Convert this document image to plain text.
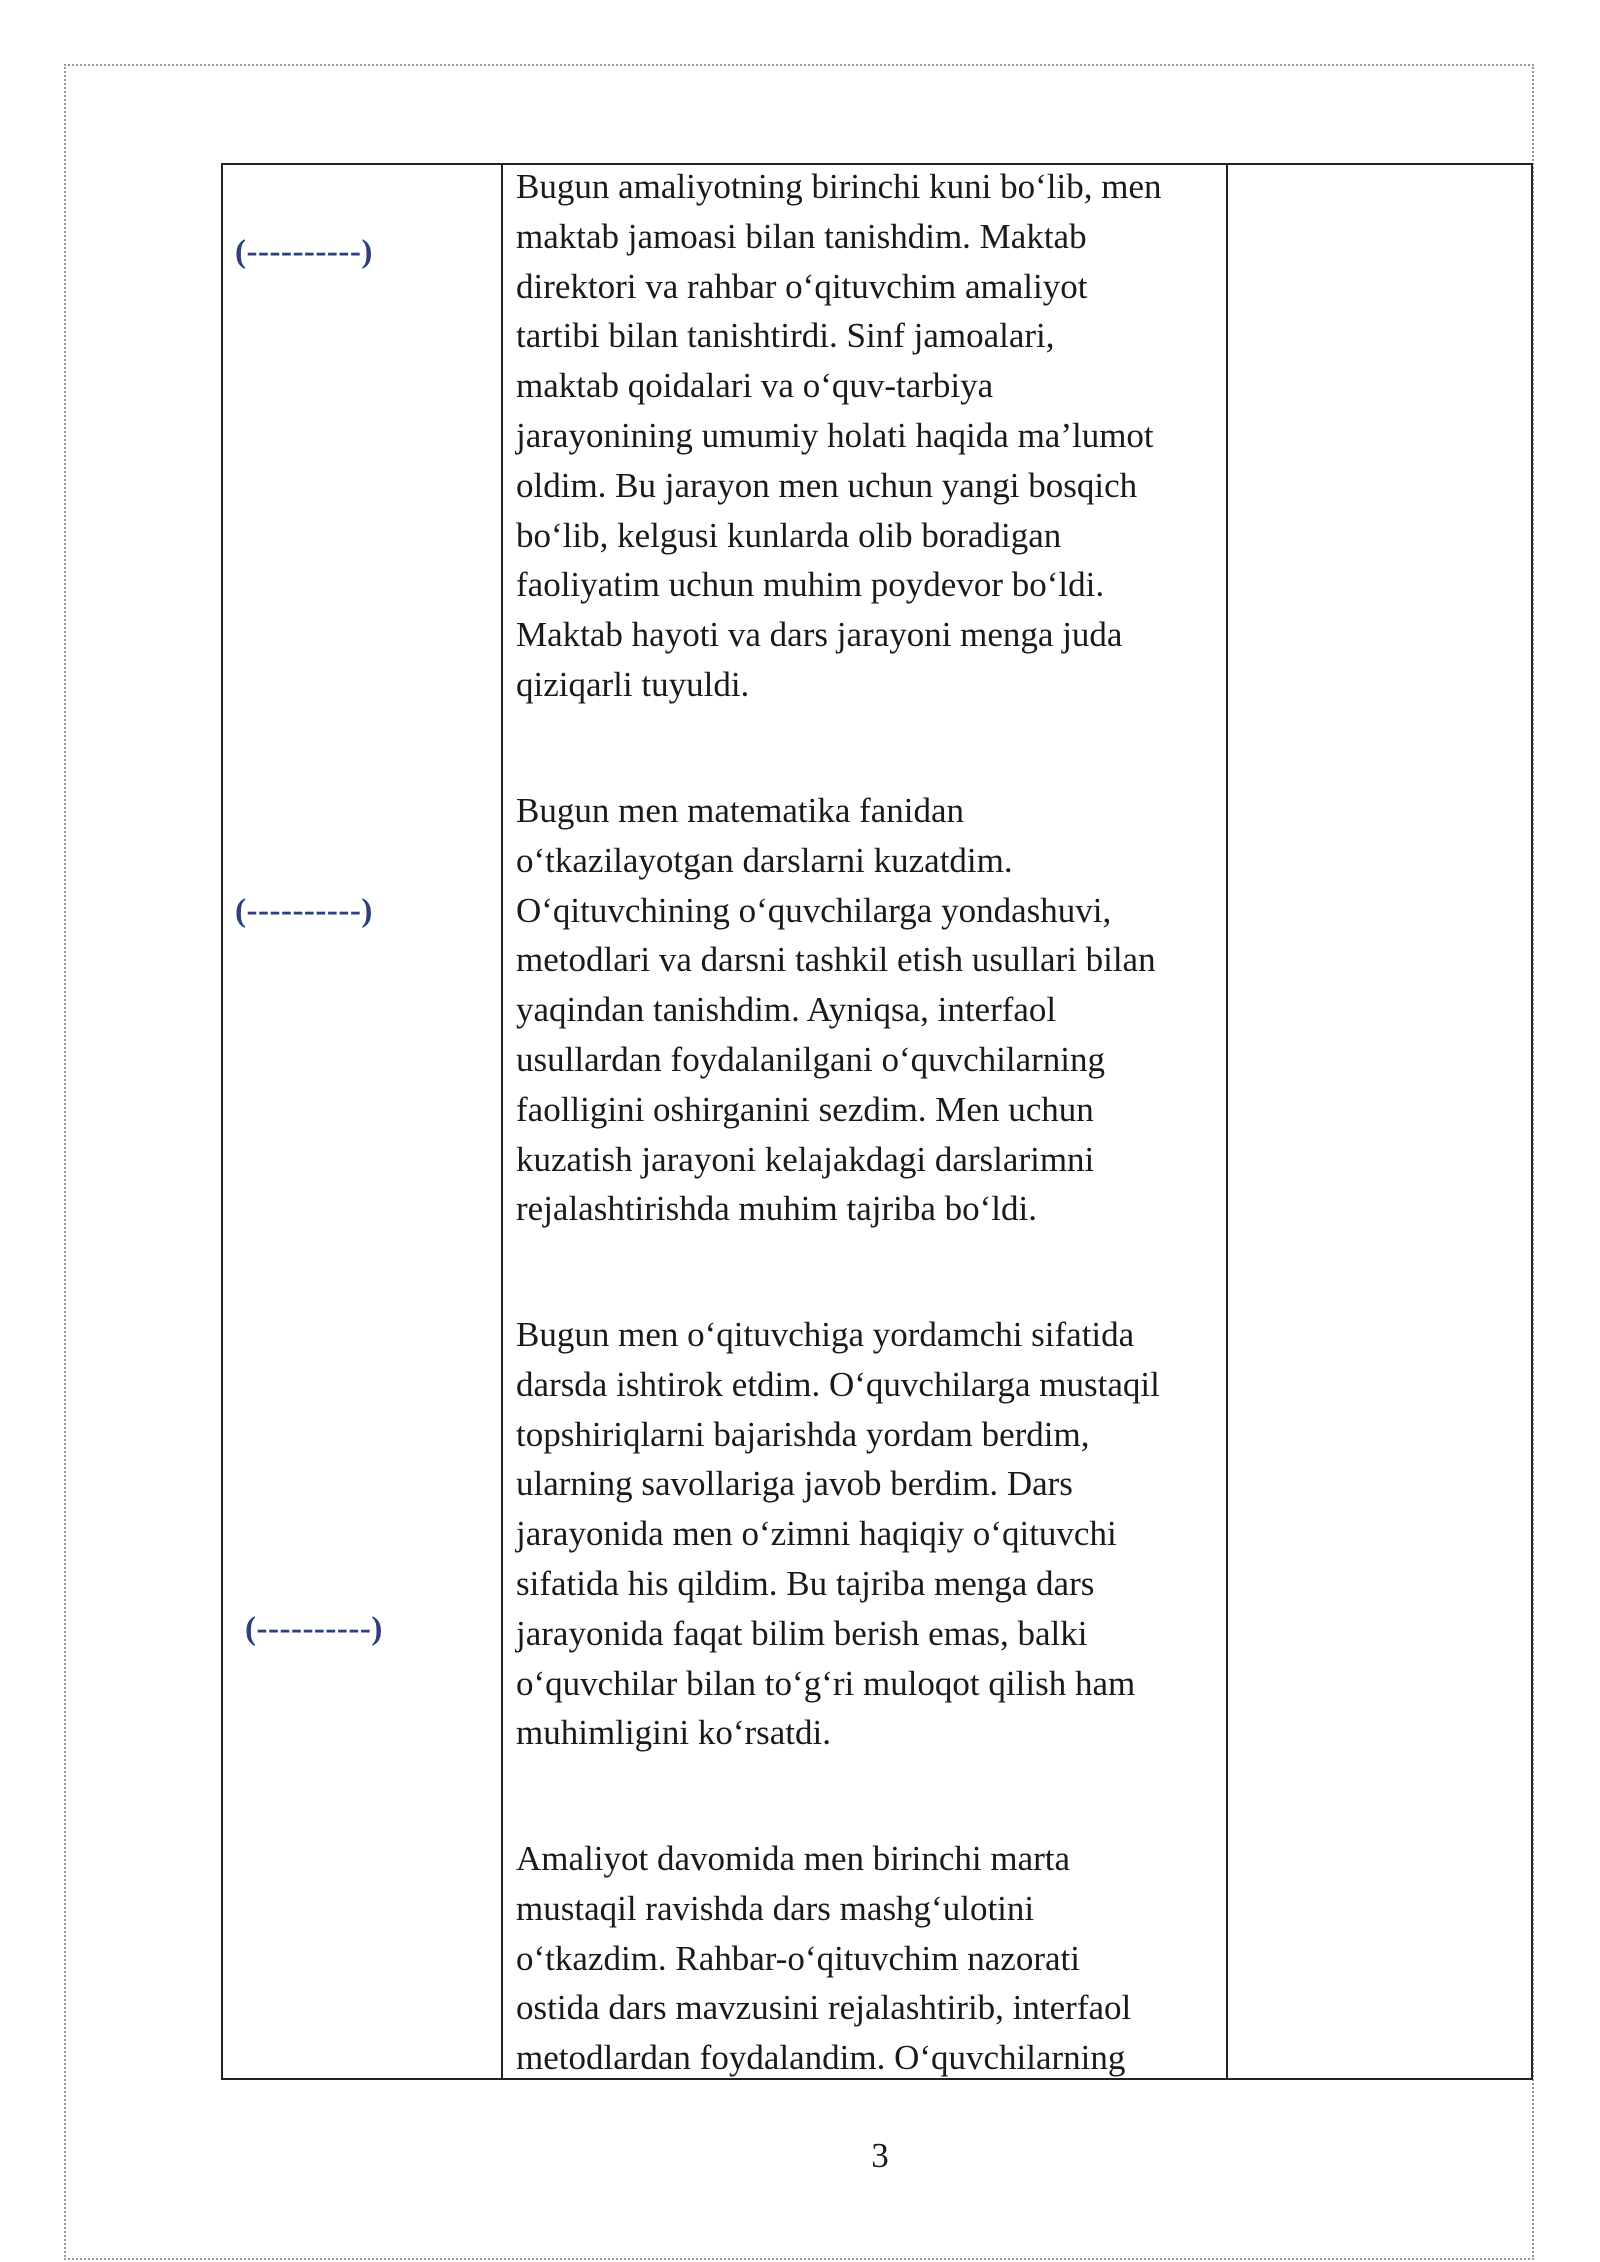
(----------)

Bugun amaliyotning birinchi kuni bo‘lib, men
maktab jamoasi bilan tanishdim. Maktab
direktori va rahbar o‘qituvchim amaliyot
tartibi bilan tanishtirdi. Sinf jamoalari,
maktab qoidalari va o‘quv-tarbiya
jarayonining umumiy holati haqida ma’lumot
oldim. Bu jarayon men uchun yangi bosqich
bo‘lib, kelgusi kunlarda olib boradigan
faoliyatim uchun muhim poydevor bo‘ldi.
Maktab hayoti va dars jarayoni menga juda
qiziqarli tuyuldi.

(----------)

Bugun men matematika fanidan
o‘tkazilayotgan darslarni kuzatdim.
O‘qituvchining o‘quvchilarga yondashuvi,
metodlari va darsni tashkil etish usullari bilan
yaqindan tanishdim. Ayniqsa, interfaol
usullardan foydalanilgani o‘quvchilarning
faolligini oshirganini sezdim. Men uchun
kuzatish jarayoni kelajakdagi darslarimni
rejalashtirishda muhim tajriba bo‘ldi.

(----------)

Bugun men o‘qituvchiga yordamchi sifatida
darsda ishtirok etdim. O‘quvchilarga mustaqil
topshiriqlarni bajarishda yordam berdim,
ularning savollariga javob berdim. Dars
jarayonida men o‘zimni haqiqiy o‘qituvchi
sifatida his qildim. Bu tajriba menga dars
jarayonida faqat bilim berish emas, balki
o‘quvchilar bilan to‘g‘ri muloqot qilish ham
muhimligini ko‘rsatdi.

Amaliyot davomida men birinchi marta
mustaqil ravishda dars mashg‘ulotini
o‘tkazdim. Rahbar-o‘qituvchim nazorati
ostida dars mavzusini rejalashtirib, interfaol
metodlardan foydalandim. O‘quvchilarning

3
